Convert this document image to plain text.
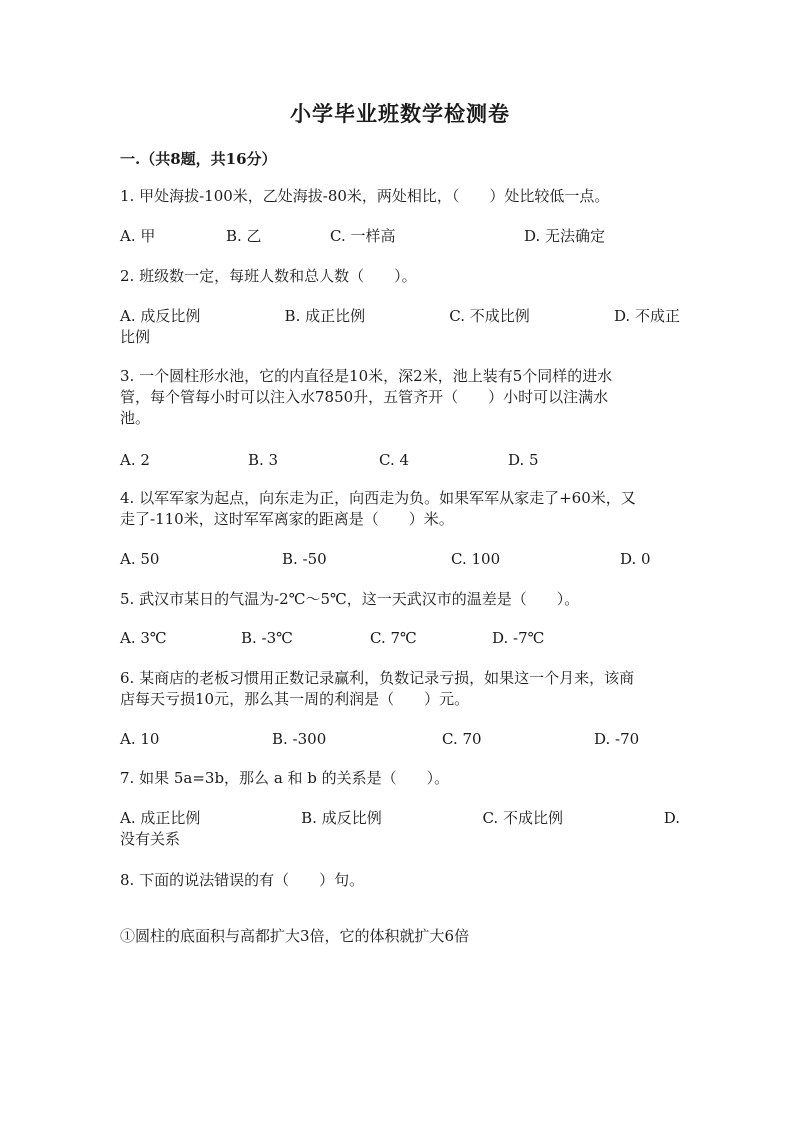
小学毕业班数学检测卷
一.（共8题，共16分）
1. 甲处海拔-100米，乙处海拔-80米，两处相比，（　　）处比较低一点。
A. 甲	B. 乙	C. 一样高	D. 无法确定
2. 班级数一定，每班人数和总人数（　　）。
A. 成反比例	B. 成正比例	C. 不成比例	D. 不成正
比例
3. 一个圆柱形水池，它的内直径是10米，深2米，池上装有5个同样的进水
管，每个管每小时可以注入水7850升，五管齐开（　　）小时可以注满水
池。
A. 2	B. 3	C. 4	D. 5
4. 以军军家为起点，向东走为正，向西走为负。如果军军从家走了+60米，又
走了-110米，这时军军离家的距离是（　　）米。
A. 50	B. -50	C. 100	D. 0
5. 武汉市某日的气温为-2℃～5℃，这一天武汉市的温差是（　　）。
A. 3℃	B. -3℃	C. 7℃	D. -7℃
6. 某商店的老板习惯用正数记录赢利，负数记录亏损，如果这一个月来，该商
店每天亏损10元，那么其一周的利润是（　　）元。
A. 10	B. -300	C. 70	D. -70
7. 如果 5a=3b，那么 a 和 b 的关系是（　　）。
A. 成正比例	B. 成反比例	C. 不成比例	D.
没有关系
8. 下面的说法错误的有（　　）句。
①圆柱的底面积与高都扩大3倍，它的体积就扩大6倍
